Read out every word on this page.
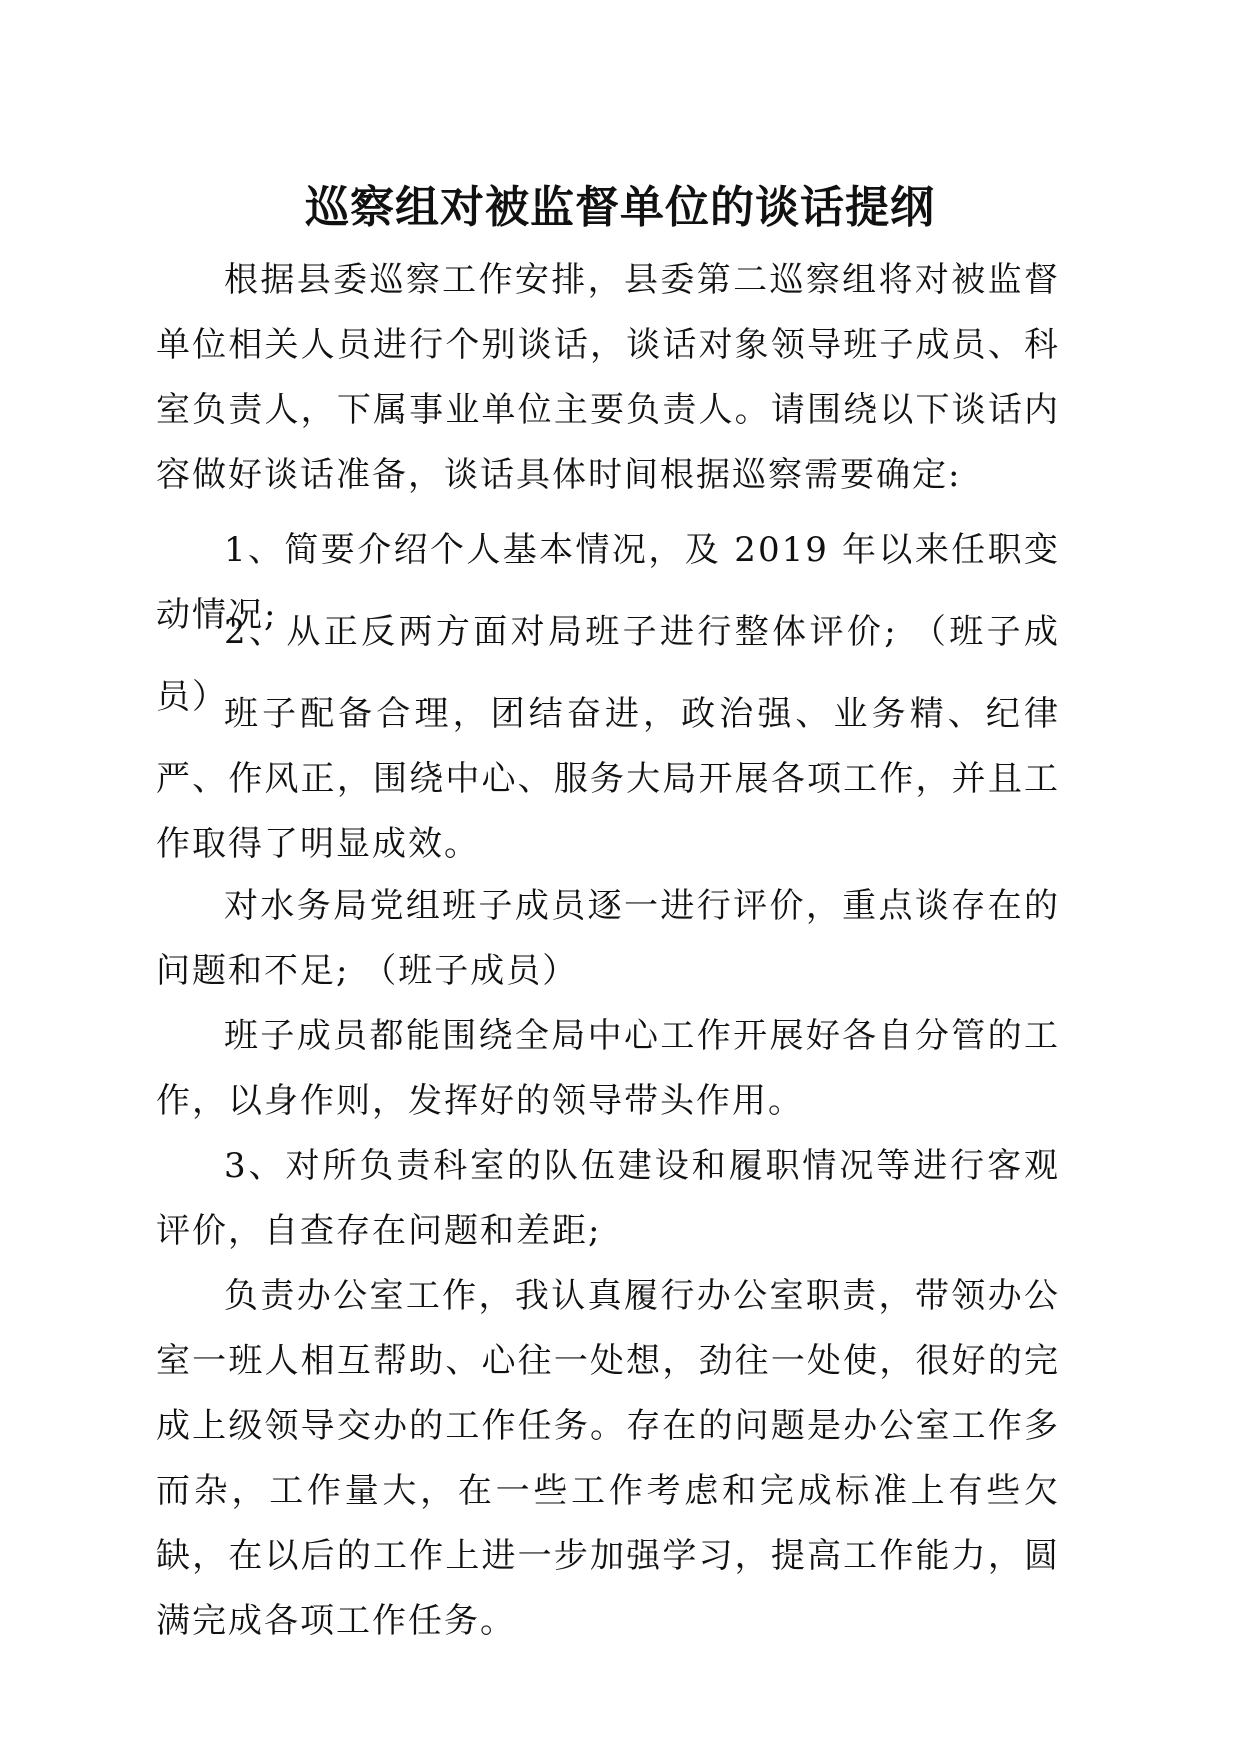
巡察组对被监督单位的谈话提纲

根据县委巡察工作安排，县委第二巡察组将对被监督单位相关人员进行个别谈话，谈话对象领导班子成员、科室负责人，下属事业单位主要负责人。请围绕以下谈话内容做好谈话准备，谈话具体时间根据巡察需要确定:

1、简要介绍个人基本情况，及 2019 年以来任职变动情况;

2、从正反两方面对局班子进行整体评价; （班子成员）

班子配备合理，团结奋进，政治强、业务精、纪律严、作风正，围绕中心、服务大局开展各项工作，并且工作取得了明显成效。

对水务局党组班子成员逐一进行评价，重点谈存在的问题和不足; （班子成员）

班子成员都能围绕全局中心工作开展好各自分管的工作，以身作则，发挥好的领导带头作用。

3、对所负责科室的队伍建设和履职情况等进行客观评价，自查存在问题和差距;

负责办公室工作，我认真履行办公室职责，带领办公室一班人相互帮助、心往一处想，劲往一处使，很好的完成上级领导交办的工作任务。存在的问题是办公室工作多而杂，工作量大，在一些工作考虑和完成标准上有些欠缺，在以后的工作上进一步加强学习，提高工作能力，圆满完成各项工作任务。
